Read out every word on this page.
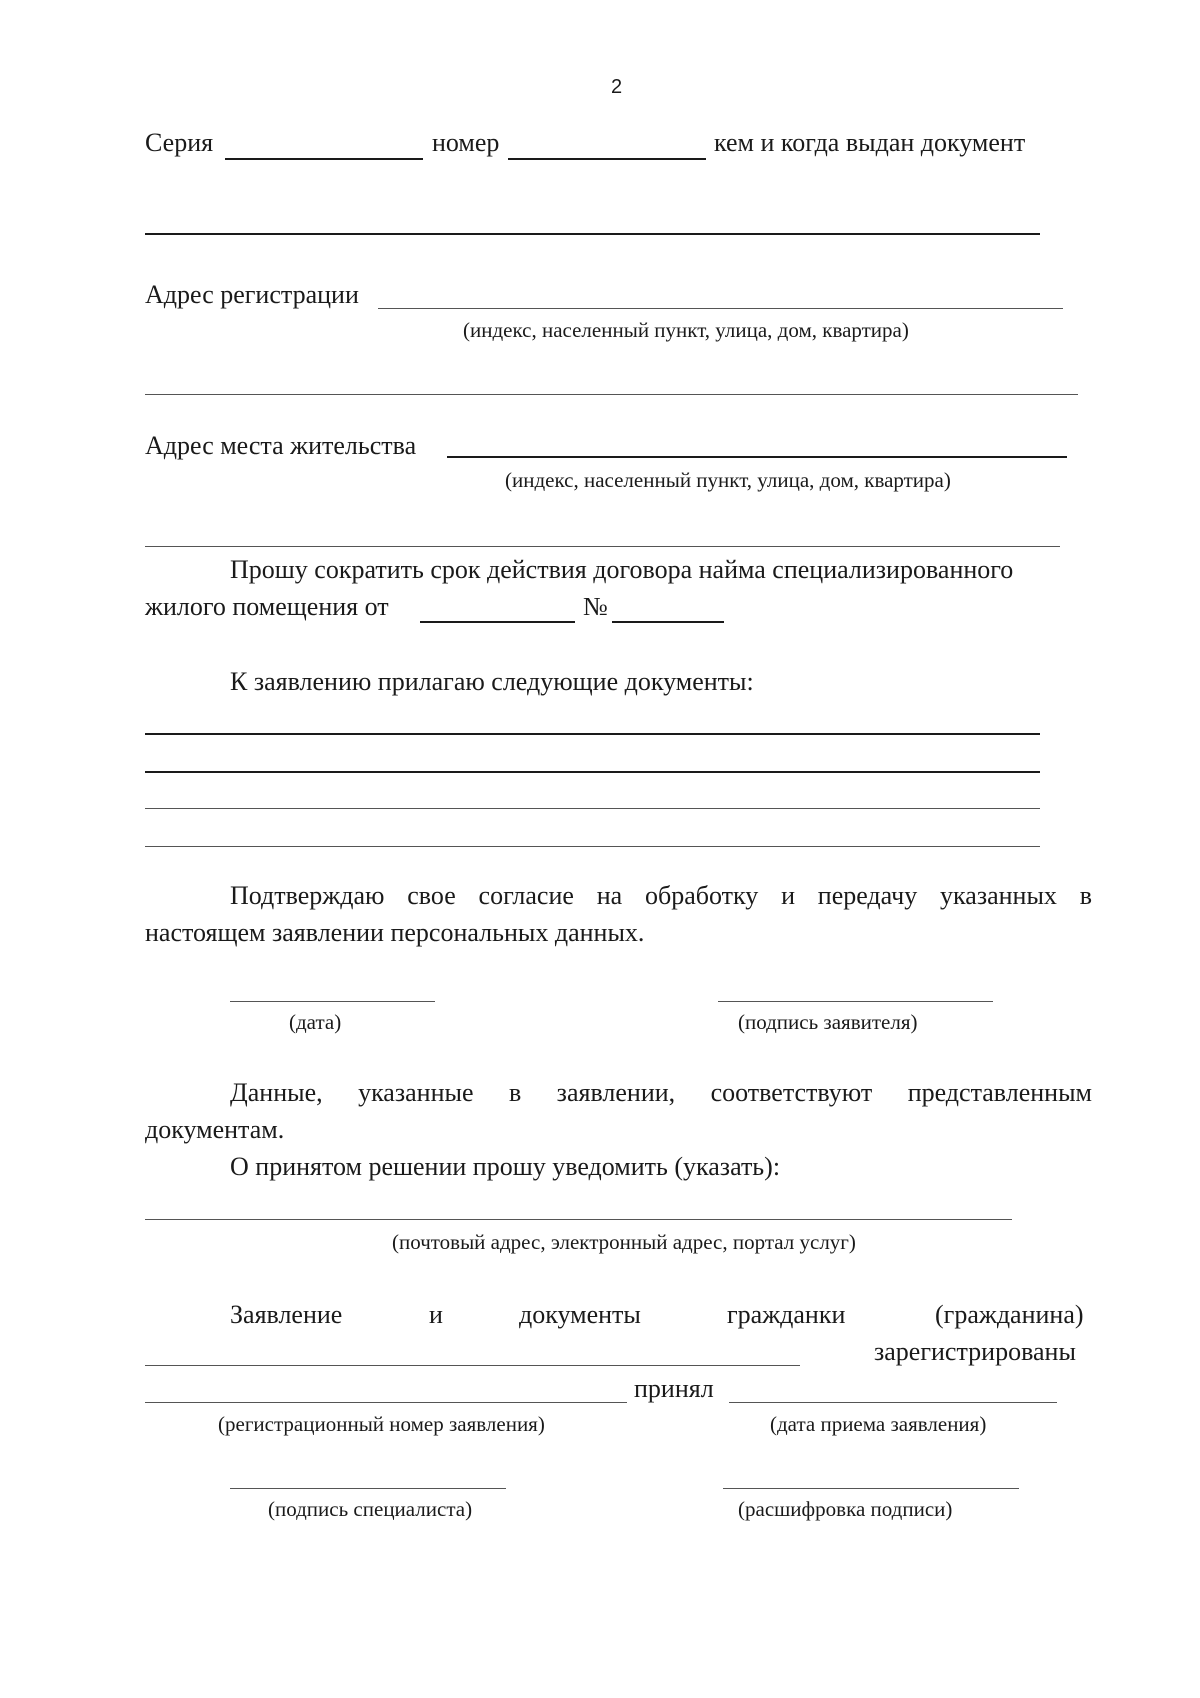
2
Серия	номер	кем и когда выдан документ
Адрес регистрации
(индекс, населенный пункт, улица, дом, квартира)
Адрес места жительства
(индекс, населенный пункт, улица, дом, квартира)
Прошу сократить срок действия договора найма специализированного
жилого помещения от	№
К заявлению прилагаю следующие документы:
Подтверждаю свое согласие на обработку и передачу указанных в
настоящем заявлении персональных данных.
(дата)	(подпись заявителя)
Данные, указанные в заявлении, соответствуют представленным
документам.
О принятом решении прошу уведомить (указать):
(почтовый адрес, электронный адрес, портал услуг)
Заявление	и	документы	гражданки	(гражданина)
зарегистрированы
принял
(регистрационный номер заявления)	(дата приема заявления)
(подпись специалиста)	(расшифровка подписи)
